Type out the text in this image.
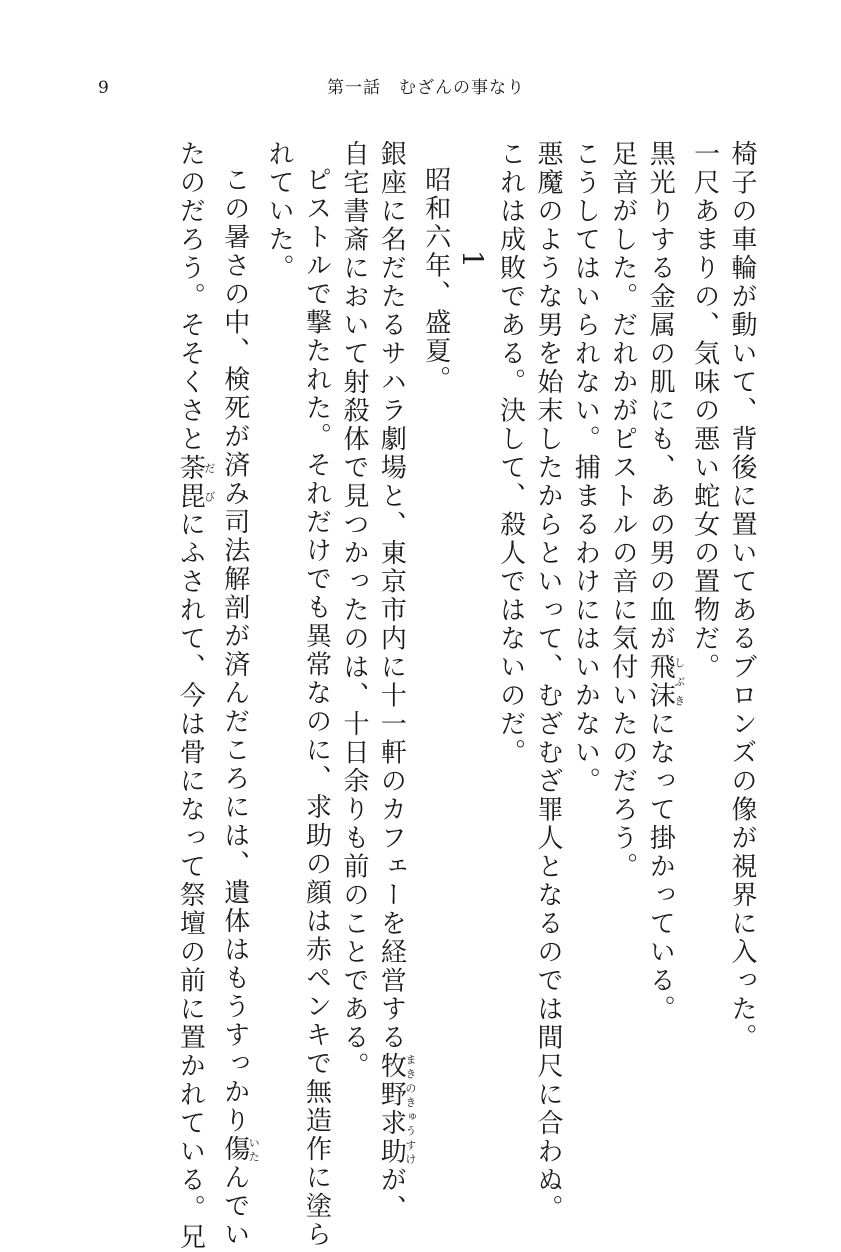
9	第一話　むざんの事なり
椅子の車輪が動いて、背後に置いてあるブロンズの像が視界に入った。
一尺あまりの、気味の悪い蛇女の置物だ。
黒光りする金属の肌にも、あの男の血が飛沫しぶきになって掛かっている。
足音がした。だれかがピストルの音に気付いたのだろう。
こうしてはいられない。捕まるわけにはいかない。
悪魔のような男を始末したからといって、むざむざ罪人となるのでは間尺に合わぬ。
これは成敗である。決して、殺人ではないのだ。
1
昭和六年、盛夏。
銀座に名だたるサハラ劇場と、東京市内に十一軒のカフェーを経営する牧野求助まきのきゅうすけが、
自宅書斎において射殺体で見つかったのは、十日余りも前のことである。
ピストルで撃たれた。それだけでも異常なのに、求助の顔は赤ペンキで無造作に塗ら
れていた。
この暑さの中、検死が済み司法解剖が済んだころには、遺体はもうすっかり傷いたんでい
たのだろう。そそくさと荼毘だびにふされて、今は骨になって祭壇の前に置かれている。兄
